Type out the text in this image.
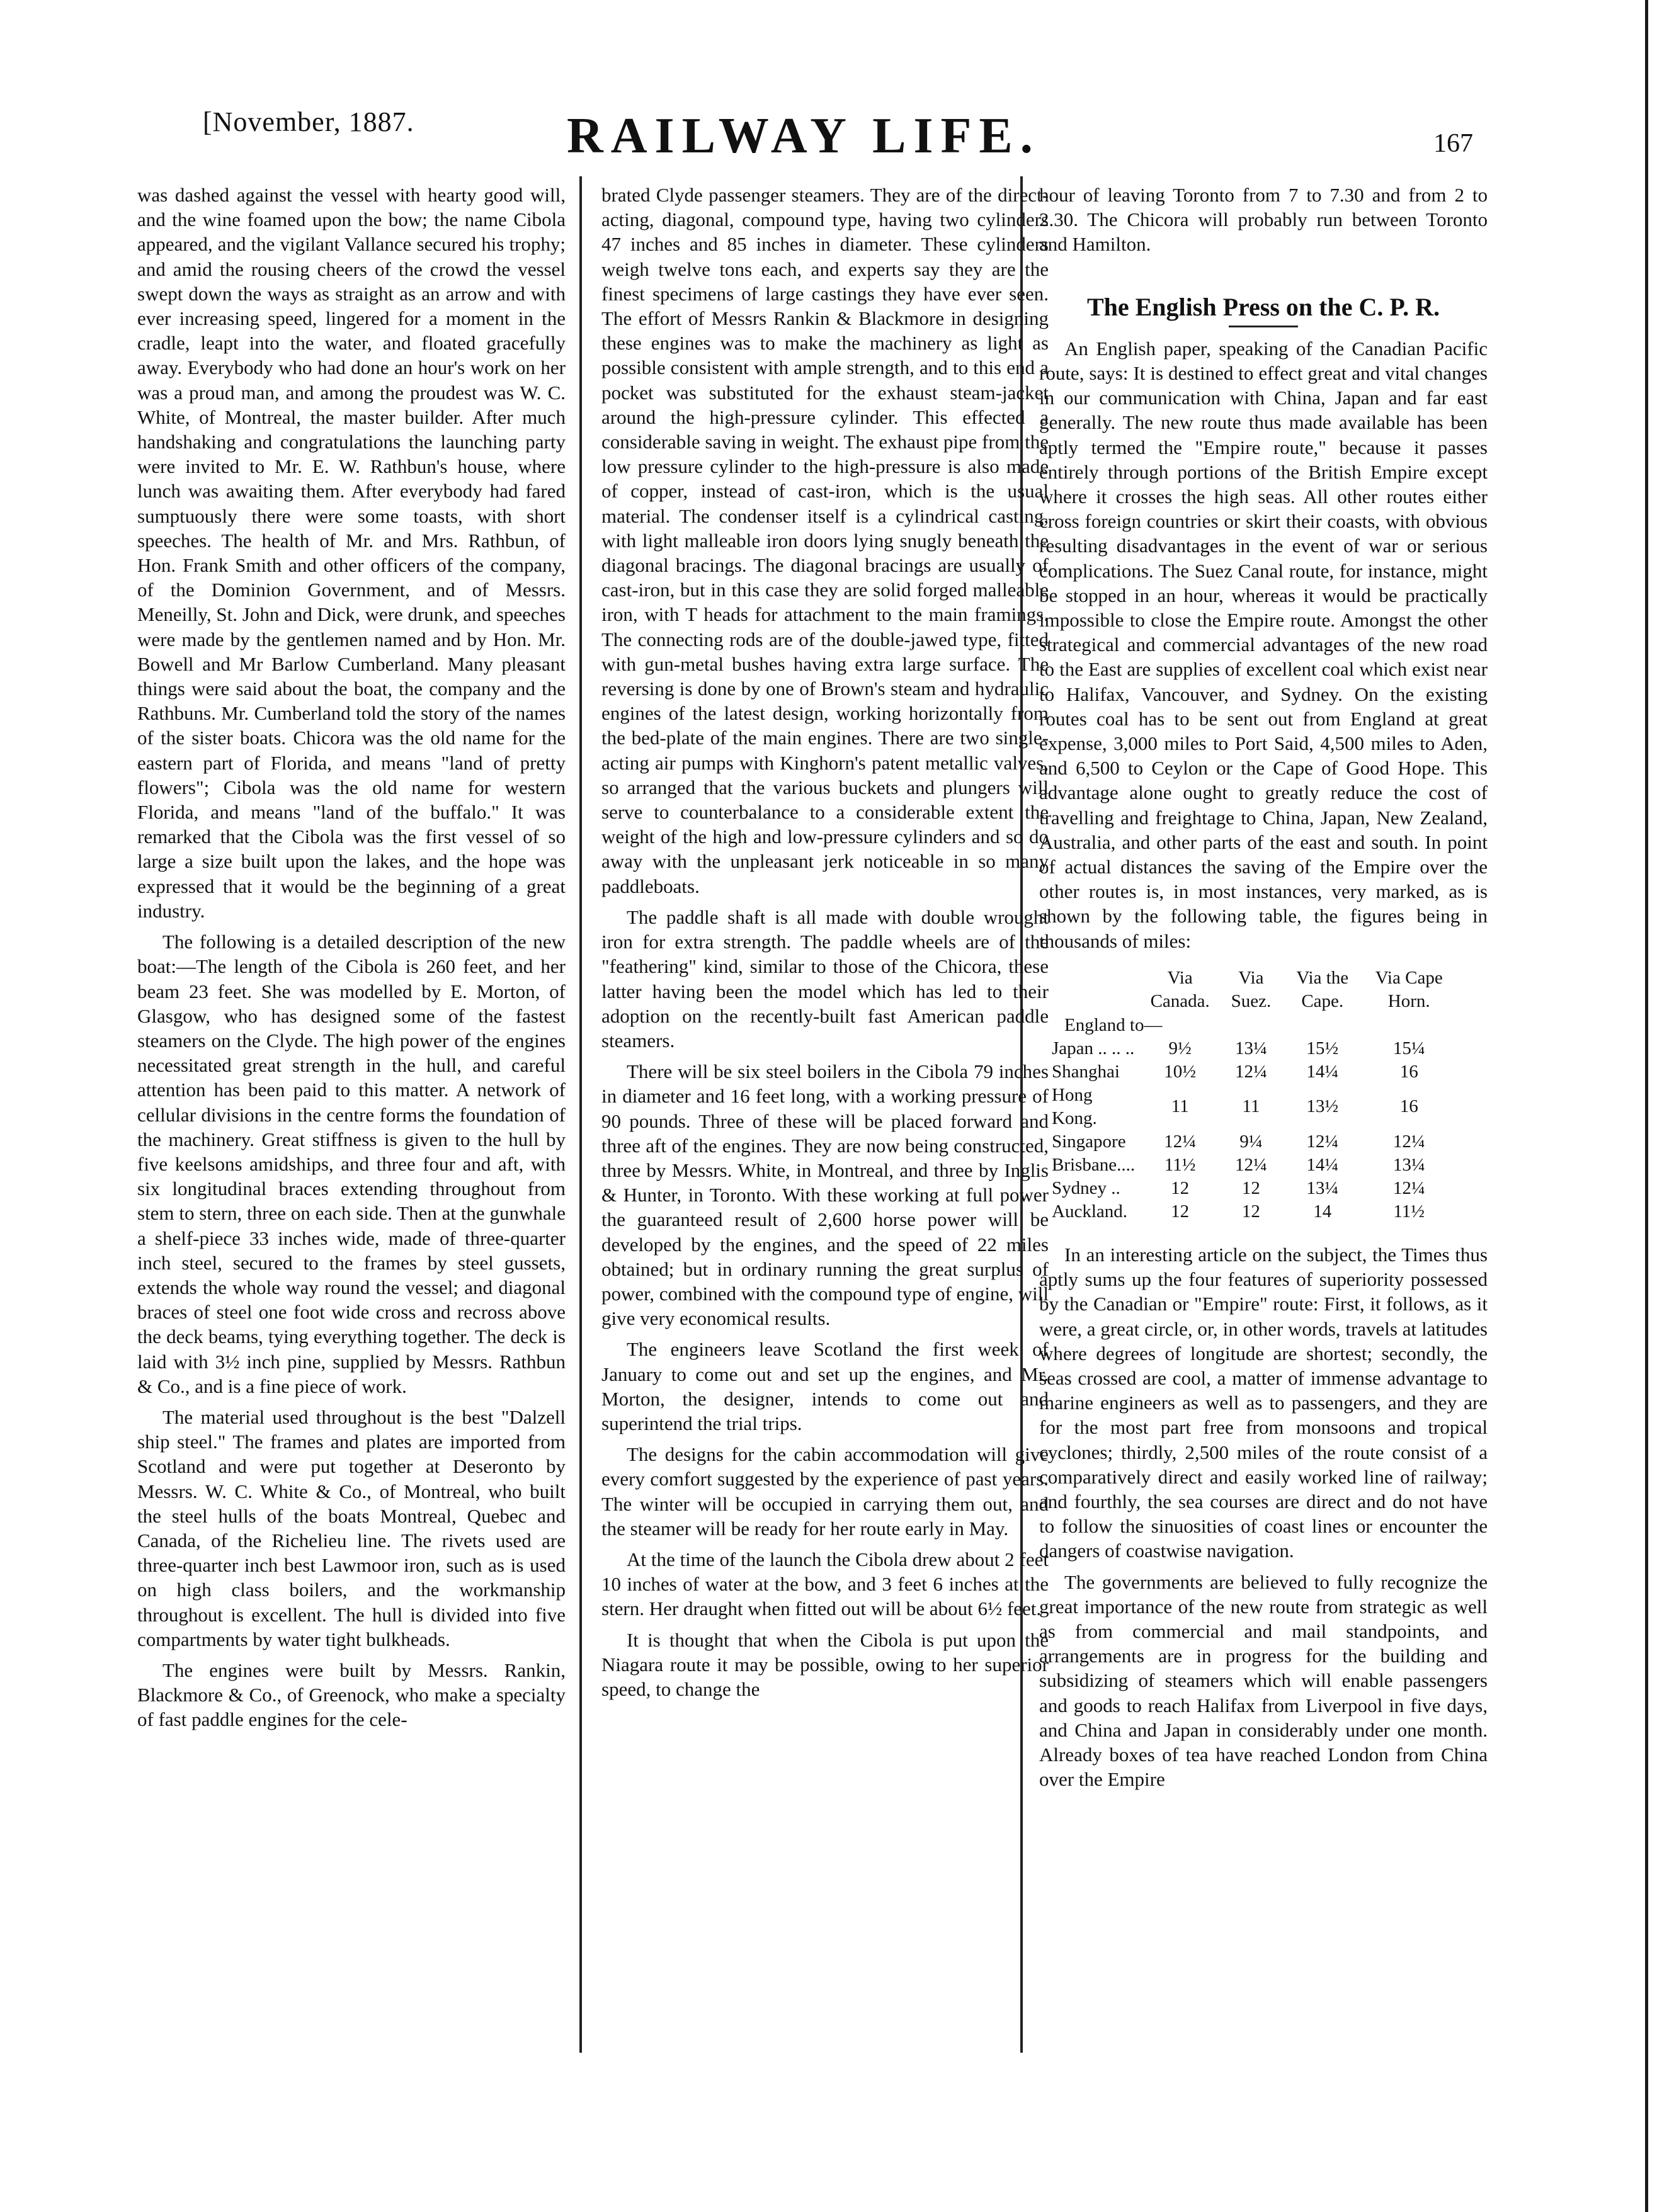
[November, 1887.	RAILWAY LIFE.	167

was dashed against the vessel with hearty good will, and the wine foamed upon the bow; the name Cibola appeared, and the vigilant Vallance secured his trophy; and amid the rousing cheers of the crowd the vessel swept down the ways as straight as an arrow and with ever increasing speed, lingered for a moment in the cradle, leapt into the water, and floated gracefully away. Everybody who had done an hour's work on her was a proud man, and among the proudest was W. C. White, of Montreal, the master builder. After much handshaking and congratulations the launching party were invited to Mr. E. W. Rathbun's house, where lunch was awaiting them. After everybody had fared sumptuously there were some toasts, with short speeches. The health of Mr. and Mrs. Rathbun, of Hon. Frank Smith and other officers of the company, of the Dominion Government, and of Messrs. Meneilly, St. John and Dick, were drunk, and speeches were made by the gentlemen named and by Hon. Mr. Bowell and Mr Barlow Cumberland. Many pleasant things were said about the boat, the company and the Rathbuns. Mr. Cumberland told the story of the names of the sister boats. Chicora was the old name for the eastern part of Florida, and means "land of pretty flowers"; Cibola was the old name for western Florida, and means "land of the buffalo." It was remarked that the Cibola was the first vessel of so large a size built upon the lakes, and the hope was expressed that it would be the beginning of a great industry.

The following is a detailed description of the new boat:—The length of the Cibola is 260 feet, and her beam 23 feet. She was modelled by E. Morton, of Glasgow, who has designed some of the fastest steamers on the Clyde. The high power of the engines necessitated great strength in the hull, and careful attention has been paid to this matter. A network of cellular divisions in the centre forms the foundation of the machinery. Great stiffness is given to the hull by five keelsons amidships, and three four and aft, with six longitudinal braces extending throughout from stem to stern, three on each side. Then at the gunwhale a shelf-piece 33 inches wide, made of three-quarter inch steel, secured to the frames by steel gussets, extends the whole way round the vessel; and diagonal braces of steel one foot wide cross and recross above the deck beams, tying everything together. The deck is laid with 3½ inch pine, supplied by Messrs. Rathbun & Co., and is a fine piece of work.

The material used throughout is the best "Dalzell ship steel." The frames and plates are imported from Scotland and were put together at Deseronto by Messrs. W. C. White & Co., of Montreal, who built the steel hulls of the boats Montreal, Quebec and Canada, of the Richelieu line. The rivets used are three-quarter inch best Lawmoor iron, such as is used on high class boilers, and the workmanship throughout is excellent. The hull is divided into five compartments by water tight bulkheads.

The engines were built by Messrs. Rankin, Blackmore & Co., of Greenock, who make a specialty of fast paddle engines for the cele-

brated Clyde passenger steamers. They are of the direct-acting, diagonal, compound type, having two cylinders 47 inches and 85 inches in diameter. These cylinders weigh twelve tons each, and experts say they are the finest specimens of large castings they have ever seen. The effort of Messrs Rankin & Blackmore in designing these engines was to make the machinery as light as possible consistent with ample strength, and to this end a pocket was substituted for the exhaust steam-jacket around the high-pressure cylinder. This effected a considerable saving in weight. The exhaust pipe from the low pressure cylinder to the high-pressure is also made of copper, instead of cast-iron, which is the usual material. The condenser itself is a cylindrical casting, with light malleable iron doors lying snugly beneath the diagonal bracings. The diagonal bracings are usually of cast-iron, but in this case they are solid forged malleable iron, with T heads for attachment to the main framings. The connecting rods are of the double-jawed type, fitted with gun-metal bushes having extra large surface. The reversing is done by one of Brown's steam and hydraulic engines of the latest design, working horizontally from the bed-plate of the main engines. There are two single-acting air pumps with Kinghorn's patent metallic valves, so arranged that the various buckets and plungers will serve to counterbalance to a considerable extent the weight of the high and low-pressure cylinders and so do away with the unpleasant jerk noticeable in so many paddleboats.

The paddle shaft is all made with double wrought iron for extra strength. The paddle wheels are of the "feathering" kind, similar to those of the Chicora, these latter having been the model which has led to their adoption on the recently-built fast American paddle steamers.

There will be six steel boilers in the Cibola 79 inches in diameter and 16 feet long, with a working pressure of 90 pounds. Three of these will be placed forward and three aft of the engines. They are now being constructed, three by Messrs. White, in Montreal, and three by Inglis & Hunter, in Toronto. With these working at full power the guaranteed result of 2,600 horse power will be developed by the engines, and the speed of 22 miles obtained; but in ordinary running the great surplus of power, combined with the compound type of engine, will give very economical results.

The engineers leave Scotland the first week of January to come out and set up the engines, and Mr. Morton, the designer, intends to come out and superintend the trial trips.

The designs for the cabin accommodation will give every comfort suggested by the experience of past years. The winter will be occupied in carrying them out, and the steamer will be ready for her route early in May.

At the time of the launch the Cibola drew about 2 feet 10 inches of water at the bow, and 3 feet 6 inches at the stern. Her draught when fitted out will be about 6½ feet.

It is thought that when the Cibola is put upon the Niagara route it may be possible, owing to her superior speed, to change the

hour of leaving Toronto from 7 to 7.30 and from 2 to 2.30. The Chicora will probably run between Toronto and Hamilton.

The English Press on the C. P. R.

An English paper, speaking of the Canadian Pacific route, says: It is destined to effect great and vital changes in our communication with China, Japan and far east generally. The new route thus made available has been aptly termed the "Empire route," because it passes entirely through portions of the British Empire except where it crosses the high seas. All other routes either cross foreign countries or skirt their coasts, with obvious resulting disadvantages in the event of war or serious complications. The Suez Canal route, for instance, might be stopped in an hour, whereas it would be practically impossible to close the Empire route. Amongst the other strategical and commercial advantages of the new road to the East are supplies of excellent coal which exist near to Halifax, Vancouver, and Sydney. On the existing routes coal has to be sent out from England at great expense, 3,000 miles to Port Said, 4,500 miles to Aden, and 6,500 to Ceylon or the Cape of Good Hope. This advantage alone ought to greatly reduce the cost of travelling and freightage to China, Japan, New Zealand, Australia, and other parts of the east and south. In point of actual distances the saving of the Empire over the other routes is, in most instances, very marked, as is shown by the following table, the figures being in thousands of miles:

	Via Canada.	Via Suez.	Via the Cape.	Via Cape Horn.
England to—				
Japan .. .. ..	9½	13¼	15½	15¼
Shanghai	10½	12¼	14¼	16
Hong Kong.	11	11	13½	16
Singapore	12¼	9¼	12¼	12¼
Brisbane....	11½	12¼	14¼	13¼
Sydney ..	12	12	13¼	12¼
Auckland.	12	12	14	11½

In an interesting article on the subject, the Times thus aptly sums up the four features of superiority possessed by the Canadian or "Empire" route: First, it follows, as it were, a great circle, or, in other words, travels at latitudes where degrees of longitude are shortest; secondly, the seas crossed are cool, a matter of immense advantage to marine engineers as well as to passengers, and they are for the most part free from monsoons and tropical cyclones; thirdly, 2,500 miles of the route consist of a comparatively direct and easily worked line of railway; and fourthly, the sea courses are direct and do not have to follow the sinuosities of coast lines or encounter the dangers of coastwise navigation.

The governments are believed to fully recognize the great importance of the new route from strategic as well as from commercial and mail standpoints, and arrangements are in progress for the building and subsidizing of steamers which will enable passengers and goods to reach Halifax from Liverpool in five days, and China and Japan in considerably under one month. Already boxes of tea have reached London from China over the Empire
